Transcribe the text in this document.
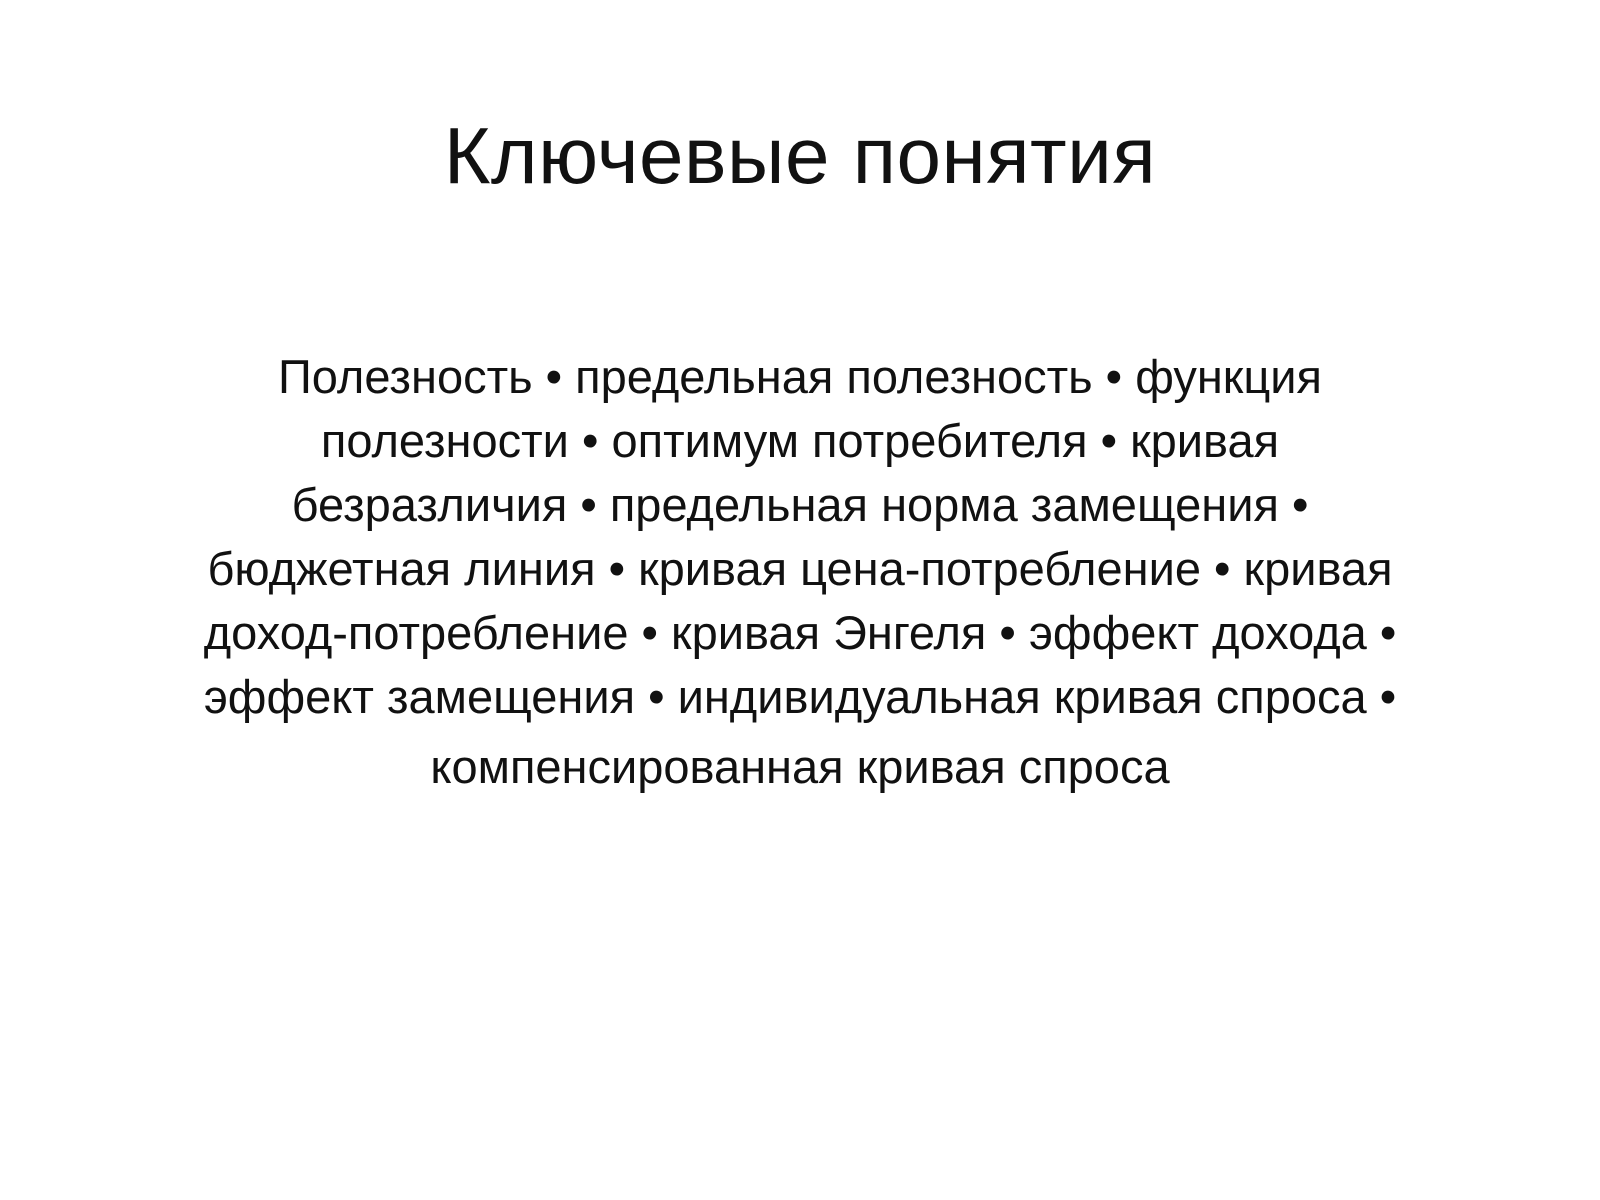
Ключевые понятия
Полезность • предельная полезность • функция
полезности • оптимум потребителя • кривая
безразличия • предельная норма замещения •
бюджетная линия • кривая цена-потребление • кривая
доход-потребление • кривая Энгеля • эффект дохода •
эффект замещения • индивидуальная кривая спроса •
компенсированная кривая спроса
